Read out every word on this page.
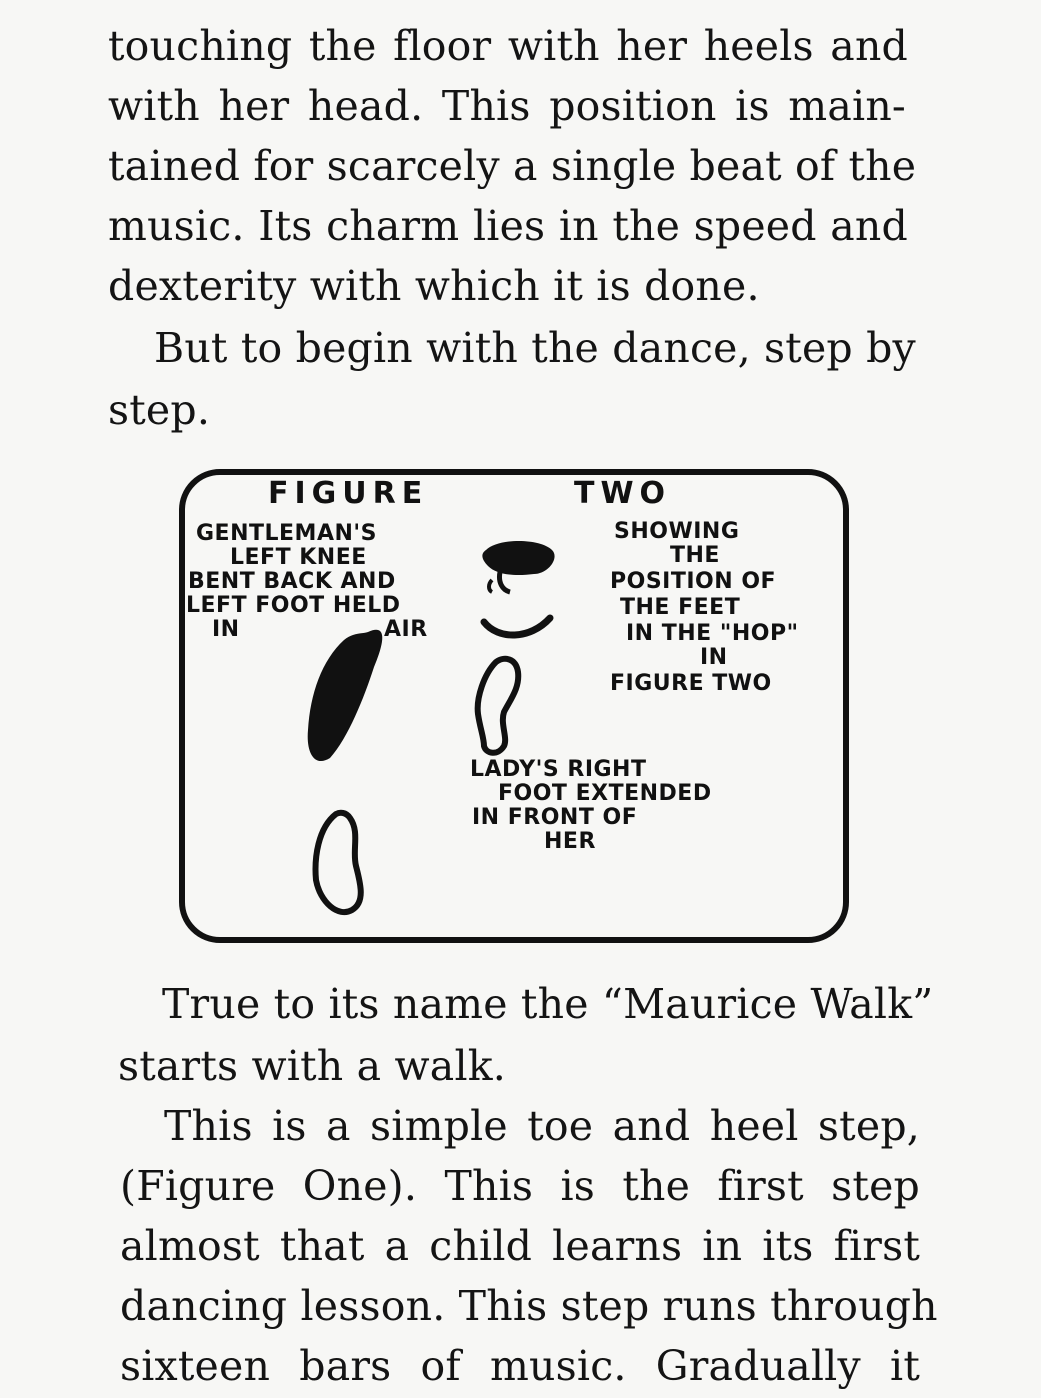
touching the floor with her heels and
with her head. This position is main-
tained for scarcely a single beat of the
music. Its charm lies in the speed and
dexterity with which it is done.
But to begin with the dance, step by
step.
FIGURE	TWO
GENTLEMAN'S
LEFT KNEE
BENT BACK AND
LEFT FOOT HELD
IN	AIR
SHOWING
THE
POSITION OF
THE FEET
IN THE "HOP"
IN
FIGURE TWO
LADY'S RIGHT
FOOT EXTENDED
IN FRONT OF
HER
True to its name the “Maurice Walk”
starts with a walk.
This is a simple toe and heel step,
(Figure One). This is the first step
almost that a child learns in its first
dancing lesson. This step runs through
sixteen bars of music. Gradually it
